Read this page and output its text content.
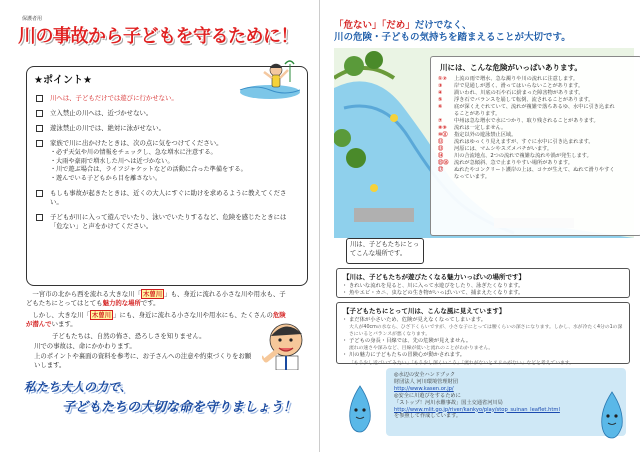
保護者用
川の事故から子どもを守るために！
★ポイント★
川へは、子どもだけでは遊びに行かせない。
立入禁止の川へは、近づかせない。
遊泳禁止の川では、絶対に泳がせない。
家族で川に出かけたときは、次の点に気をつけてください。
・ 必ず天気や川の情報をチェックし、急な増水に注意する。
・ 大雨や豪雨で増水した川へは近づかない。
・ 川で遊ぶ場合は、ライフジャケットなどの活動に合った準備をする。
・ 遊んでいる子どもから目を離さない。
もしも事故が起きたときは、近くの大人にすぐに助けを求めるように教えてください。
子どもが川に入って遊んでいたり、泳いでいたりするなど、危険を感じたときには「危ない」と声をかけてください。

　一宮市の北から西を流れる大きな川「 木曽川 」も、身近に流れる小さな川や用水も、子どもたちにとってはとても魅力的な場所です。

　しかし、大きな川「 木曽川 」にも、身近に流れる小さな川や用水にも、たくさんの危険が潜んでいます。

子どもたちは、自然の怖さ、恐ろしさを知りません。

川での事故は、命にかかわります。

上のポイントや裏面の資料を参考に、お子さんへの注意や約束づくりをお願いします。

私たち大人の力で、
子どもたちの大切な命を守りましょう！
「危ない」「だめ」だけでなく、
川の危険・子どもの気持ちを踏まえることが大切です。
川には、こんな危険がいっぱいあります。
①② 上流の雨で増水、急な濁りや川の流れに注意します。
③ 岸で見通しが悪く、滑ってはいらないことがあります。
④ 渦いわれ、川底の石や石に紛まった障害物があります。
⑤ 浮き石でバランスを崩して転倒、流されることがあります。
⑥ 底が深くえぐれていて、流れが複雑で落ちあるゆ、水中に引き込まれることがあります。
⑦ 中州は急な増水で水につかり、取り残されることがあります。
⑧⑨ 流れは一定しません。
⑩⑪ 指定以外の遊泳禁止区域。
⑫ 流れはゆっくり見えますが、すぐに水中に引き込まれます。
⑬ 河原には、マムシやスズメバチがいます。
⑭ 川の合流地点、2つの流れで複雑な流れや渦が発生します。
⑮⑯ 流れが急傾斜、急で止まりやすい場所があります。
⑰ ぬれたやコンクリート護岸の上は、コケが生えて、ぬれて滑りやすくなっています。
川は、子どもたちにとってこんな場所です。
【川は、子どもたちが遊びたくなる魅力いっぱいの場所です】
・ きれいな流れを見ると、川に入って水遊びをしたり、泳ぎたくなります。
・ 魚やエビ・カニ、虫などの生き物がいっぱいいて、捕まえたくなります。
【子どもたちにとって川は、こんな風に見えています】
・ まだ体が小さいため、危険が見えなくなってしまいます。
大人が40cmの水なら、ひざ下くらいですが、小さな子にとっては腰くらいの深さになります。しかし、水が冷たく4分の1の深さにいるとバランスが悪くなります。
・ 子どもの身長・目線では、先の危険が見えません。
流れの速さや深みなど、目線が低いと流れのことがわかりません。
・ 川の魅力に子どもたちの冒険心が動かされます。
「もう少し近づいてみたい」「もう少し深くいこう」「流れがないとスリルがない」などと考えています。

◎水辺の安全ハンドブック

財団法人 河川環境管理財団

http://www.kasen.or.jp/

◎安全に川遊びをするために

「ストップ！河川水難事故」国土交通省河川局

http://www.mlit.go.jp/river/kankyo/play/stop_suinan_leaflet.html

を参照して作成しています。
